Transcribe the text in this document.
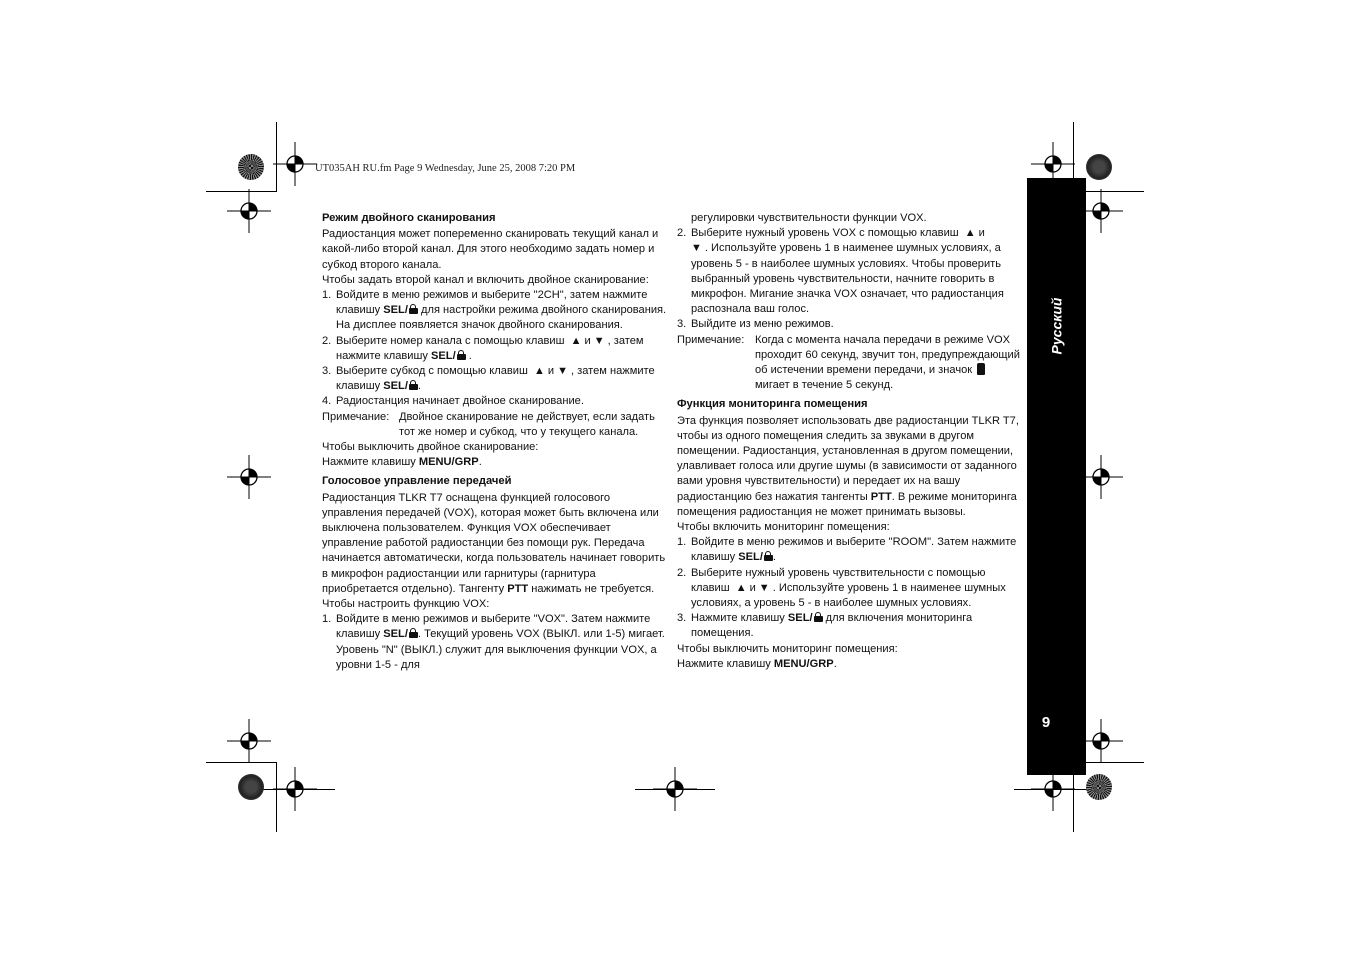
UT035AH RU.fm Page 9 Wednesday, June 25, 2008 7:20 PM
Русский
9
Режим двойного сканирования

Радиостанция может попеременно сканировать текущий канал и какой-либо второй канал. Для этого необходимо задать номер и субкод второго канала.

Чтобы задать второй канал и включить двойное сканирование:

1. Войдите в меню режимов и выберите "2CH", затем нажмите клавишу SEL/ для настройки режима двойного сканирования. На дисплее появляется значок двойного сканирования.
2. Выберите номер канала с помощью клавиш ▲ и ▼ , затем нажмите клавишу SEL/ .
3. Выберите субкод с помощью клавиш ▲ и ▼ , затем нажмите клавишу SEL/ .
4. Радиостанция начинает двойное сканирование.
Примечание: Двойное сканирование не действует, если задать тот же номер и субкод, что у текущего канала.

Чтобы выключить двойное сканирование:

Нажмите клавишу MENU/GRP.

Голосовое управление передачей

Радиостанция TLKR T7 оснащена функцией голосового управления передачей (VOX), которая может быть включена или выключена пользователем. Функция VOX обеспечивает управление работой радиостанции без помощи рук. Передача начинается автоматически, когда пользователь начинает говорить в микрофон радиостанции или гарнитуры (гарнитура приобретается отдельно). Тангенту PTT нажимать не требуется.

Чтобы настроить функцию VOX:

1. Войдите в меню режимов и выберите "VOX". Затем нажмите клавишу SEL/ . Текущий уровень VOX (ВЫКЛ. или 1-5) мигает. Уровень "N" (ВЫКЛ.) служит для выключения функции VOX, а уровни 1-5 - для
регулировки чувствительности функции VOX.
2. Выберите нужный уровень VOX с помощью клавиш ▲ и
▼ . Используйте уровень 1 в наименее шумных условиях, а уровень 5 - в наиболее шумных условиях. Чтобы проверить выбранный уровень чувствительности, начните говорить в микрофон. Мигание значка VOX означает, что радиостанция распознала ваш голос.
3. Выйдите из меню режимов.
Примечание: Когда с момента начала передачи в режиме VOX проходит 60 секунд, звучит тон, предупреждающий об истечении времени передачи, и значок  мигает в течение 5 секунд.
Функция мониторинга помещения

Эта функция позволяет использовать две радиостанции TLKR T7, чтобы из одного помещения следить за звуками в другом помещении. Радиостанция, установленная в другом помещении, улавливает голоса или другие шумы (в зависимости от заданного вами уровня чувствительности) и передает их на вашу радиостанцию без нажатия тангенты PTT. В режиме мониторинга помещения радиостанция не может принимать вызовы.

Чтобы включить мониторинг помещения:

1. Войдите в меню режимов и выберите "ROOM". Затем нажмите клавишу SEL/ .
2. Выберите нужный уровень чувствительности с помощью клавиш ▲ и ▼ . Используйте уровень 1 в наименее шумных условиях, а уровень 5 - в наиболее шумных условиях.
3. Нажмите клавишу SEL/ для включения мониторинга помещения.

Чтобы выключить мониторинг помещения:

Нажмите клавишу MENU/GRP.
